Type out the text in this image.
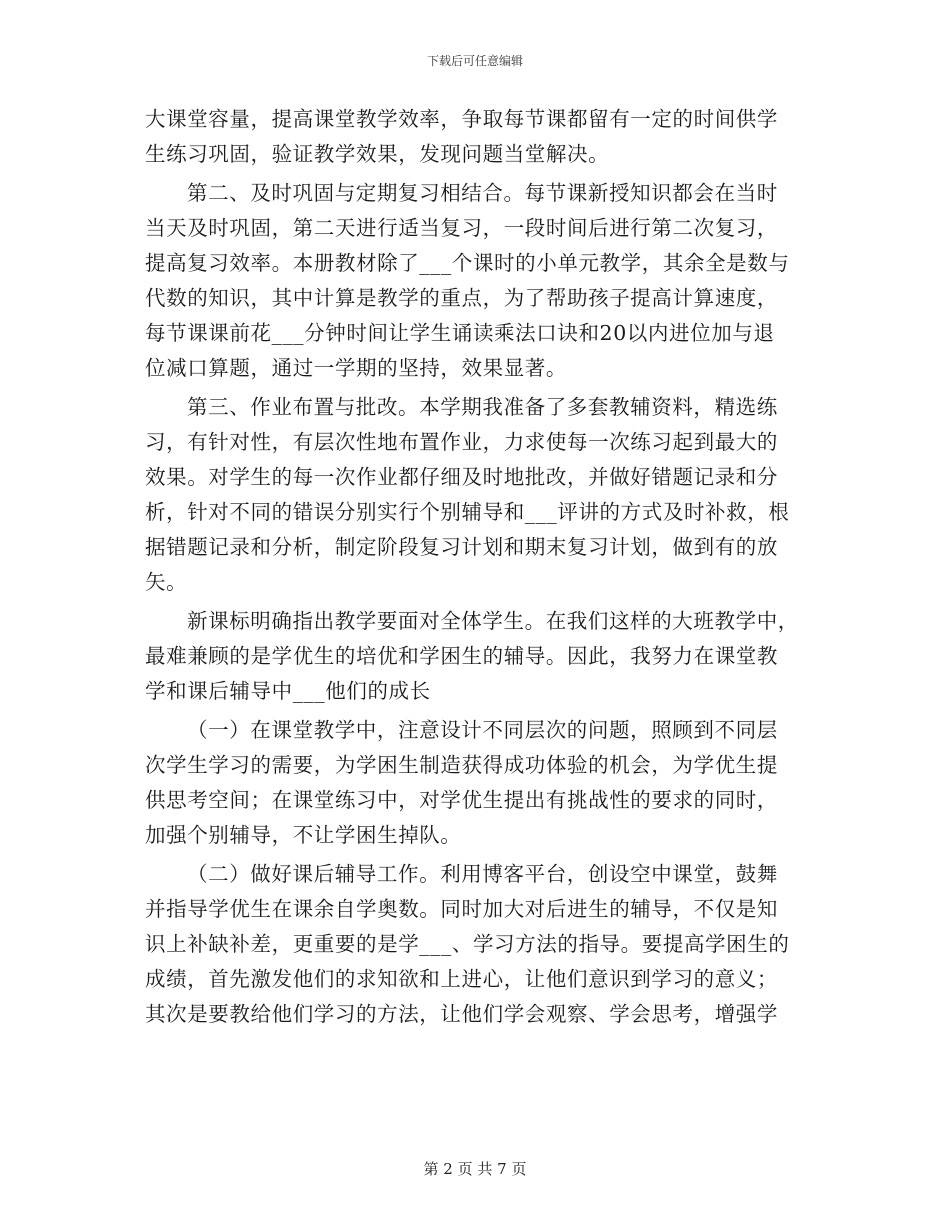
下载后可任意编辑

大课堂容量，提高课堂教学效率，争取每节课都留有一定的时间供学
生练习巩固，验证教学效果，发现问题当堂解决。

第二、及时巩固与定期复习相结合。每节课新授知识都会在当时
当天及时巩固，第二天进行适当复习，一段时间后进行第二次复习，
提高复习效率。本册教材除了___个课时的小单元教学，其余全是数与
代数的知识，其中计算是教学的重点，为了帮助孩子提高计算速度，
每节课课前花___分钟时间让学生诵读乘法口诀和20以内进位加与退
位减口算题，通过一学期的坚持，效果显著。

第三、作业布置与批改。本学期我准备了多套教辅资料，精选练
习，有针对性，有层次性地布置作业，力求使每一次练习起到最大的
效果。对学生的每一次作业都仔细及时地批改，并做好错题记录和分
析，针对不同的错误分别实行个别辅导和___评讲的方式及时补救，根
据错题记录和分析，制定阶段复习计划和期末复习计划，做到有的放
矢。

新课标明确指出教学要面对全体学生。在我们这样的大班教学中，
最难兼顾的是学优生的培优和学困生的辅导。因此，我努力在课堂教
学和课后辅导中___他们的成长

（一）在课堂教学中，注意设计不同层次的问题，照顾到不同层
次学生学习的需要，为学困生制造获得成功体验的机会，为学优生提
供思考空间；在课堂练习中，对学优生提出有挑战性的要求的同时，
加强个别辅导，不让学困生掉队。

（二）做好课后辅导工作。利用博客平台，创设空中课堂，鼓舞
并指导学优生在课余自学奥数。同时加大对后进生的辅导，不仅是知
识上补缺补差，更重要的是学___、学习方法的指导。要提高学困生的
成绩，首先激发他们的求知欲和上进心，让他们意识到学习的意义；
其次是要教给他们学习的方法，让他们学会观察、学会思考，增强学

第 2 页 共 7 页
